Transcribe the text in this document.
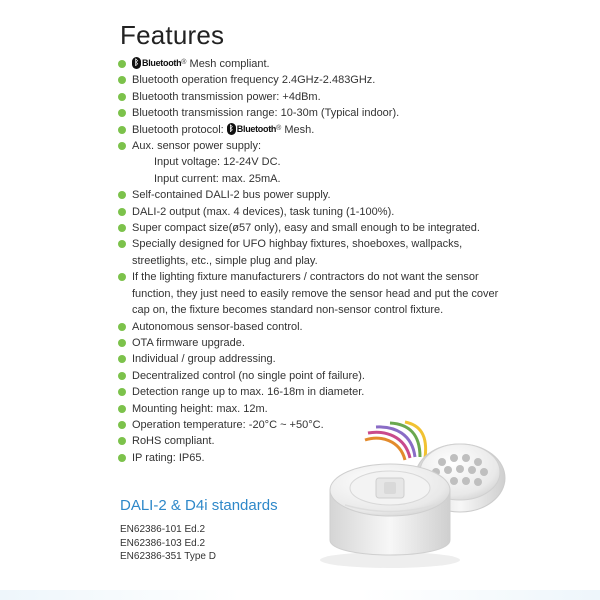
Features
ᛒ Bluetooth ® Mesh compliant.
Bluetooth operation frequency 2.4GHz-2.483GHz.
Bluetooth transmission power: +4dBm.
Bluetooth transmission range: 10-30m (Typical indoor).
Bluetooth protocol: ᛒ Bluetooth ® Mesh.
Aux. sensor power supply:
Input voltage: 12-24V DC.
Input current: max. 25mA.
Self-contained DALI-2 bus power supply.
DALI-2 output (max. 4 devices), task tuning (1-100%).
Super compact size(ø57 only), easy and small enough to be integrated.
Specially designed for UFO highbay fixtures, shoeboxes, wallpacks, streetlights, etc., simple plug and play.
If the lighting fixture manufacturers / contractors do not want the sensor function, they just need to easily remove the sensor head and put the cover cap on, the fixture becomes standard non-sensor control fixture.
Autonomous sensor-based control.
OTA firmware upgrade.
Individual / group addressing.
Decentralized control (no single point of failure).
Detection range up to max. 16-18m in diameter.
Mounting height: max. 12m.
Operation temperature: -20°C ~ +50°C.
RoHS compliant.
IP rating: IP65.
DALI-2 & D4i standards
EN62386-101 Ed.2
EN62386-103 Ed.2
EN62386-351 Type D
